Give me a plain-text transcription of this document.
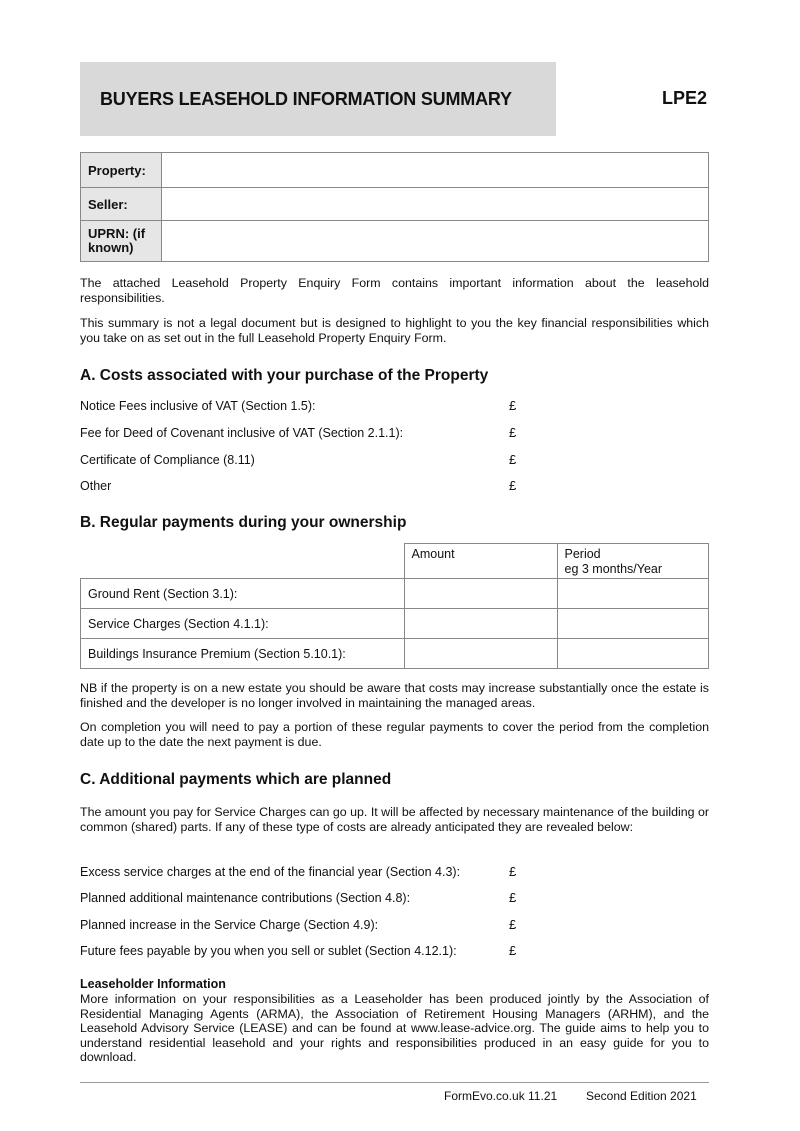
BUYERS LEASEHOLD INFORMATION SUMMARY	LPE2
Property:	
Seller:	
UPRN: (if known)	
The attached Leasehold Property Enquiry Form contains important information about the leasehold responsibilities.
This summary is not a legal document but is designed to highlight to you the key financial responsibilities which you take on as set out in the full Leasehold Property Enquiry Form.
A. Costs associated with your purchase of the Property
Notice Fees inclusive of VAT (Section 1.5):	£
Fee for Deed of Covenant inclusive of VAT (Section 2.1.1):	£
Certificate of Compliance (8.11)	£
Other	£
B. Regular payments during your ownership
	Amount	Period
eg 3 months/Year
Ground Rent (Section 3.1):		
Service Charges (Section 4.1.1):		
Buildings Insurance Premium (Section 5.10.1):		
NB if the property is on a new estate you should be aware that costs may increase substantially once the estate is finished and the developer is no longer involved in maintaining the managed areas.
On completion you will need to pay a portion of these regular payments to cover the period from the completion date up to the date the next payment is due.
C. Additional payments which are planned
The amount you pay for Service Charges can go up. It will be affected by necessary maintenance of the building or common (shared) parts. If any of these type of costs are already anticipated they are revealed below:
Excess service charges at the end of the financial year (Section 4.3):	£
Planned additional maintenance contributions (Section 4.8):	£
Planned increase in the Service Charge (Section 4.9):	£
Future fees payable by you when you sell or sublet (Section 4.12.1):	£
Leaseholder Information
More information on your responsibilities as a Leaseholder has been produced jointly by the Association of Residential Managing Agents (ARMA), the Association of Retirement Housing Managers (ARHM), and the Leasehold Advisory Service (LEASE) and can be found at www.lease-advice.org. The guide aims to help you to understand residential leasehold and your rights and responsibilities produced in an easy guide for you to download.
FormEvo.co.uk 11.21 Second Edition 2021
